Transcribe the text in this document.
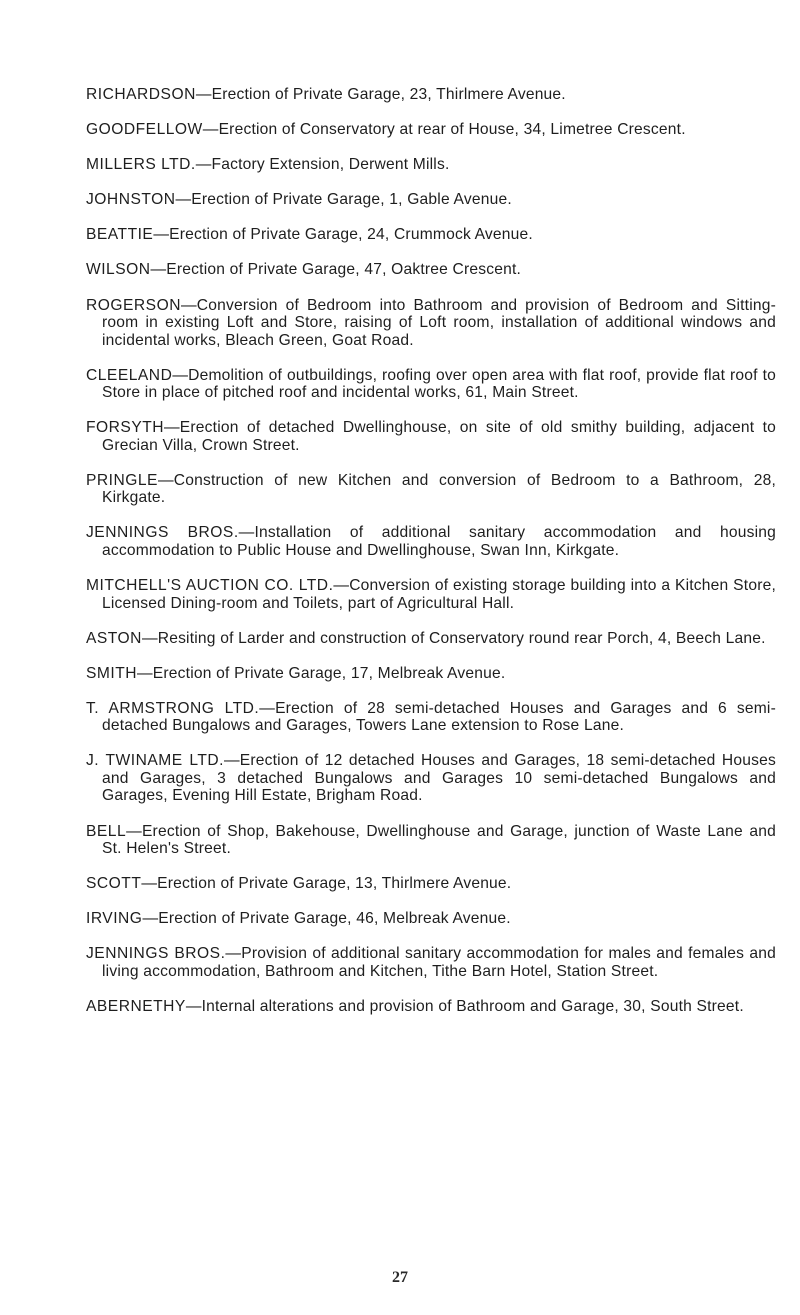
RICHARDSON—Erection of Private Garage, 23, Thirlmere Avenue.
GOODFELLOW—Erection of Conservatory at rear of House, 34, Limetree Crescent.
MILLERS LTD.—Factory Extension, Derwent Mills.
JOHNSTON—Erection of Private Garage, 1, Gable Avenue.
BEATTIE—Erection of Private Garage, 24, Crummock Avenue.
WILSON—Erection of Private Garage, 47, Oaktree Crescent.
ROGERSON—Conversion of Bedroom into Bathroom and provision of Bedroom and Sitting-room in existing Loft and Store, raising of Loft room, installation of additional windows and incidental works, Bleach Green, Goat Road.
CLEELAND—Demolition of outbuildings, roofing over open area with flat roof, provide flat roof to Store in place of pitched roof and incidental works, 61, Main Street.
FORSYTH—Erection of detached Dwellinghouse, on site of old smithy building, adjacent to Grecian Villa, Crown Street.
PRINGLE—Construction of new Kitchen and conversion of Bedroom to a Bathroom, 28, Kirkgate.
JENNINGS BROS.—Installation of additional sanitary accommodation and housing accommodation to Public House and Dwellinghouse, Swan Inn, Kirkgate.
MITCHELL'S AUCTION CO. LTD.—Conversion of existing storage building into a Kitchen Store, Licensed Dining-room and Toilets, part of Agricultural Hall.
ASTON—Resiting of Larder and construction of Conservatory round rear Porch, 4, Beech Lane.
SMITH—Erection of Private Garage, 17, Melbreak Avenue.
T. ARMSTRONG LTD.—Erection of 28 semi-detached Houses and Garages and 6 semi-detached Bungalows and Garages, Towers Lane extension to Rose Lane.
J. TWINAME LTD.—Erection of 12 detached Houses and Garages, 18 semi-detached Houses and Garages, 3 detached Bungalows and Garages 10 semi-detached Bungalows and Garages, Evening Hill Estate, Brigham Road.
BELL—Erection of Shop, Bakehouse, Dwellinghouse and Garage, junction of Waste Lane and St. Helen's Street.
SCOTT—Erection of Private Garage, 13, Thirlmere Avenue.
IRVING—Erection of Private Garage, 46, Melbreak Avenue.
JENNINGS BROS.—Provision of additional sanitary accommodation for males and females and living accommodation, Bathroom and Kitchen, Tithe Barn Hotel, Station Street.
ABERNETHY—Internal alterations and provision of Bathroom and Garage, 30, South Street.
27
